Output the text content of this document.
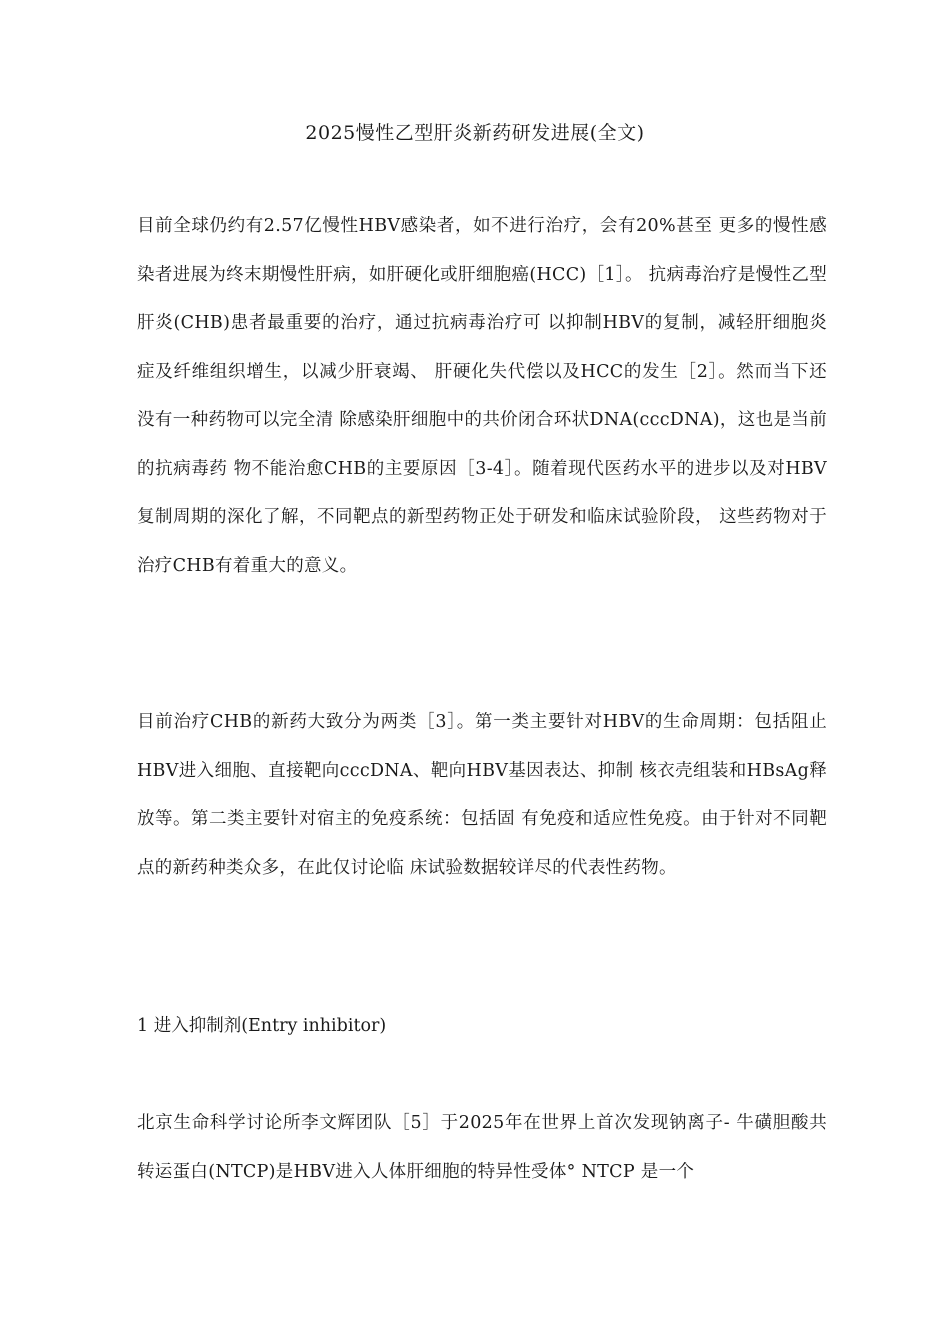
2025慢性乙型肝炎新药研发进展(全文)

目前全球仍约有2.57亿慢性HBV感染者，如不进行治疗，会有20%甚至 更多的慢性感染者进展为终末期慢性肝病，如肝硬化或肝细胞癌(HCC)［1］。 抗病毒治疗是慢性乙型肝炎(CHB)患者最重要的治疗，通过抗病毒治疗可 以抑制HBV的复制，减轻肝细胞炎症及纤维组织增生，以减少肝衰竭、 肝硬化失代偿以及HCC的发生［2］。然而当下还没有一种药物可以完全清 除感染肝细胞中的共价闭合环状DNA(cccDNA)，这也是当前的抗病毒药 物不能治愈CHB的主要原因［3-4］。随着现代医药水平的进步以及对HBV 复制周期的深化了解，不同靶点的新型药物正处于研发和临床试验阶段， 这些药物对于治疗CHB有着重大的意义。

目前治疗CHB的新药大致分为两类［3］。第一类主要针对HBV的生命周期：包括阻止HBV进入细胞、直接靶向cccDNA、靶向HBV基因表达、抑制 核衣壳组装和HBsAg释放等。第二类主要针对宿主的免疫系统：包括固 有免疫和适应性免疫。由于针对不同靶点的新药种类众多，在此仅讨论临 床试验数据较详尽的代表性药物。

1 进入抑制剂(Entry inhibitor)

北京生命科学讨论所李文辉团队［5］于2025年在世界上首次发现钠离子- 牛磺胆酸共转运蛋白(NTCP)是HBV进入人体肝细胞的特异性受体° NTCP 是一个
